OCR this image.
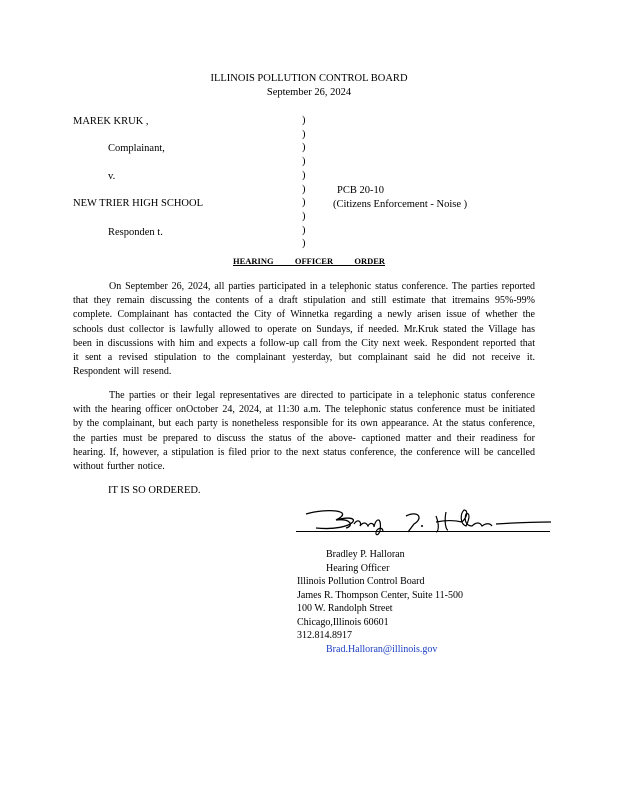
ILLINOIS POLLUTION CONTROL BOARD
September 26, 2024
MAREK KRUK ,
Complainant,
v.
NEW TRIER HIGH SCHOOL
Responden t.
)
)
)
)
)
)
)
)
)
)
PCB 20-10
(Citizens Enforcement - Noise )
HEARING          OFFICER          ORDER

On September 26, 2024, all parties participated in a telephonic status conference. The parties reported that they remain discussing the contents of a draft stipulation and still estimate that itremains 95%-99% complete. Complainant has contacted the City of Winnetka regarding a newly arisen issue of whether the schools dust collector is lawfully allowed to operate on Sundays, if needed. Mr.Kruk stated the Village has been in discussions with him and expects a follow-up call from the City next week. Respondent reported that it sent a revised stipulation to the complainant yesterday, but complainant said he did not receive it. Respondent will resend.

The parties or their legal representatives are directed to participate in a telephonic status conference with the hearing officer onOctober 24, 2024, at 11:30 a.m. The telephonic status conference must be initiated by the complainant, but each party is nonetheless responsible for its own appearance. At the status conference, the parties must be prepared to discuss the status of the above- captioned matter and their readiness for hearing. If, however, a stipulation is filed prior to the next status conference, the conference will be cancelled without further notice.

IT IS SO ORDERED.
Bradley P. Halloran
Hearing Officer
Illinois Pollution Control Board
James R. Thompson Center, Suite 11-500
100 W. Randolph Street
Chicago,Illinois 60601
312.814.8917
Brad.Halloran@illinois.gov
